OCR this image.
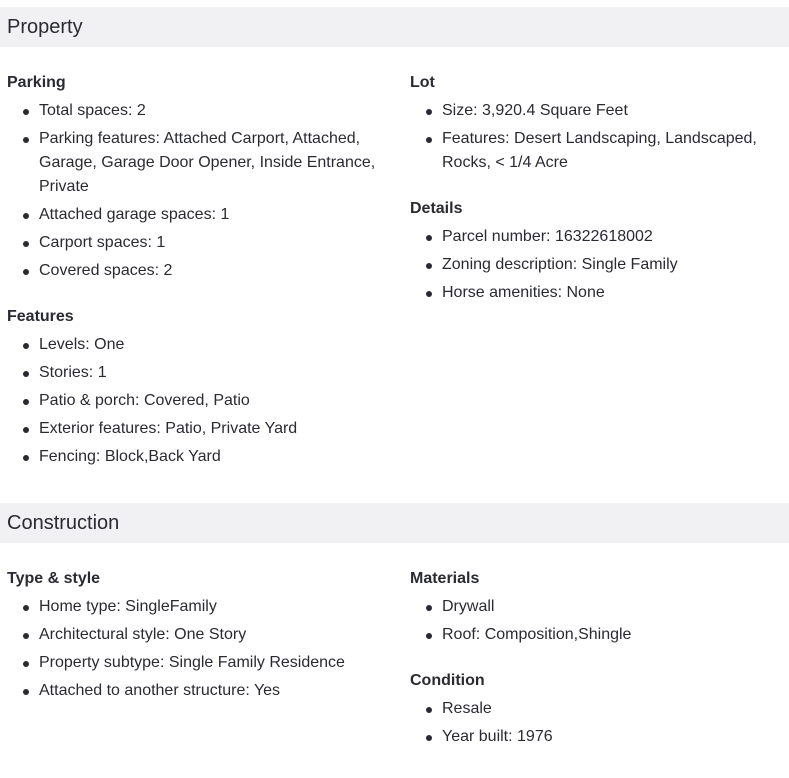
Property
Parking
Total spaces: 2
Parking features: Attached Carport, Attached, Garage, Garage Door Opener, Inside Entrance, Private
Attached garage spaces: 1
Carport spaces: 1
Covered spaces: 2
Features
Levels: One
Stories: 1
Patio & porch: Covered, Patio
Exterior features: Patio, Private Yard
Fencing: Block,Back Yard
Lot
Size: 3,920.4 Square Feet
Features: Desert Landscaping, Landscaped, Rocks, < 1/4 Acre
Details
Parcel number: 16322618002
Zoning description: Single Family
Horse amenities: None
Construction
Type & style
Home type: SingleFamily
Architectural style: One Story
Property subtype: Single Family Residence
Attached to another structure: Yes
Materials
Drywall
Roof: Composition,Shingle
Condition
Resale
Year built: 1976
